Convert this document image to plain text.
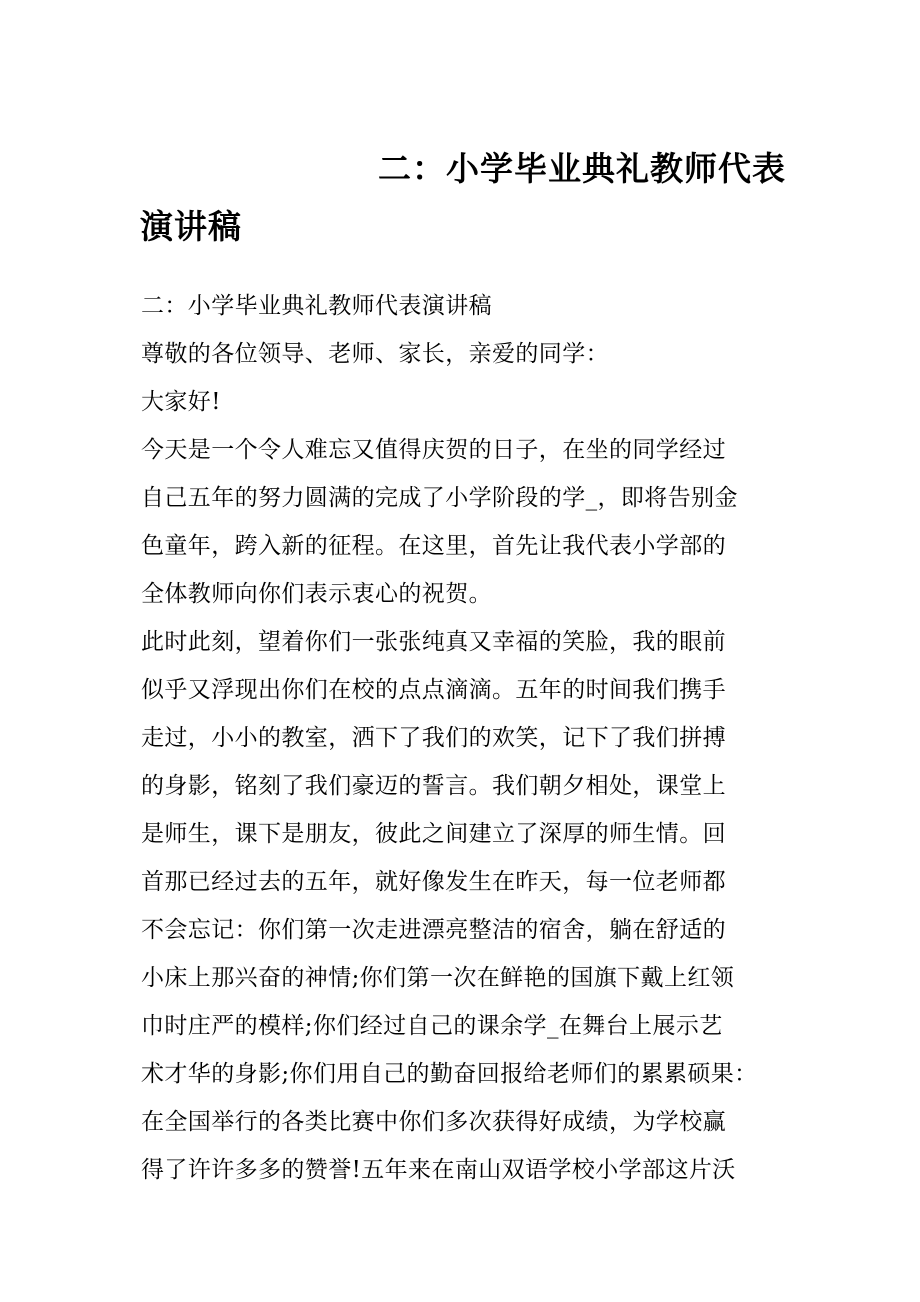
二：小学毕业典礼教师代表演讲稿
二：小学毕业典礼教师代表演讲稿
尊敬的各位领导、老师、家长，亲爱的同学：
大家好!
今天是一个令人难忘又值得庆贺的日子，在坐的同学经过
自己五年的努力圆满的完成了小学阶段的学_，即将告别金
色童年，跨入新的征程。在这里，首先让我代表小学部的
全体教师向你们表示衷心的祝贺。
此时此刻，望着你们一张张纯真又幸福的笑脸，我的眼前
似乎又浮现出你们在校的点点滴滴。五年的时间我们携手
走过，小小的教室，洒下了我们的欢笑，记下了我们拼搏
的身影，铭刻了我们豪迈的誓言。我们朝夕相处，课堂上
是师生，课下是朋友，彼此之间建立了深厚的师生情。回
首那已经过去的五年，就好像发生在昨天，每一位老师都
不会忘记：你们第一次走进漂亮整洁的宿舍，躺在舒适的
小床上那兴奋的神情;你们第一次在鲜艳的国旗下戴上红领
巾时庄严的模样;你们经过自己的课余学_在舞台上展示艺
术才华的身影;你们用自己的勤奋回报给老师们的累累硕果：
在全国举行的各类比赛中你们多次获得好成绩，为学校赢
得了许许多多的赞誉!五年来在南山双语学校小学部这片沃
